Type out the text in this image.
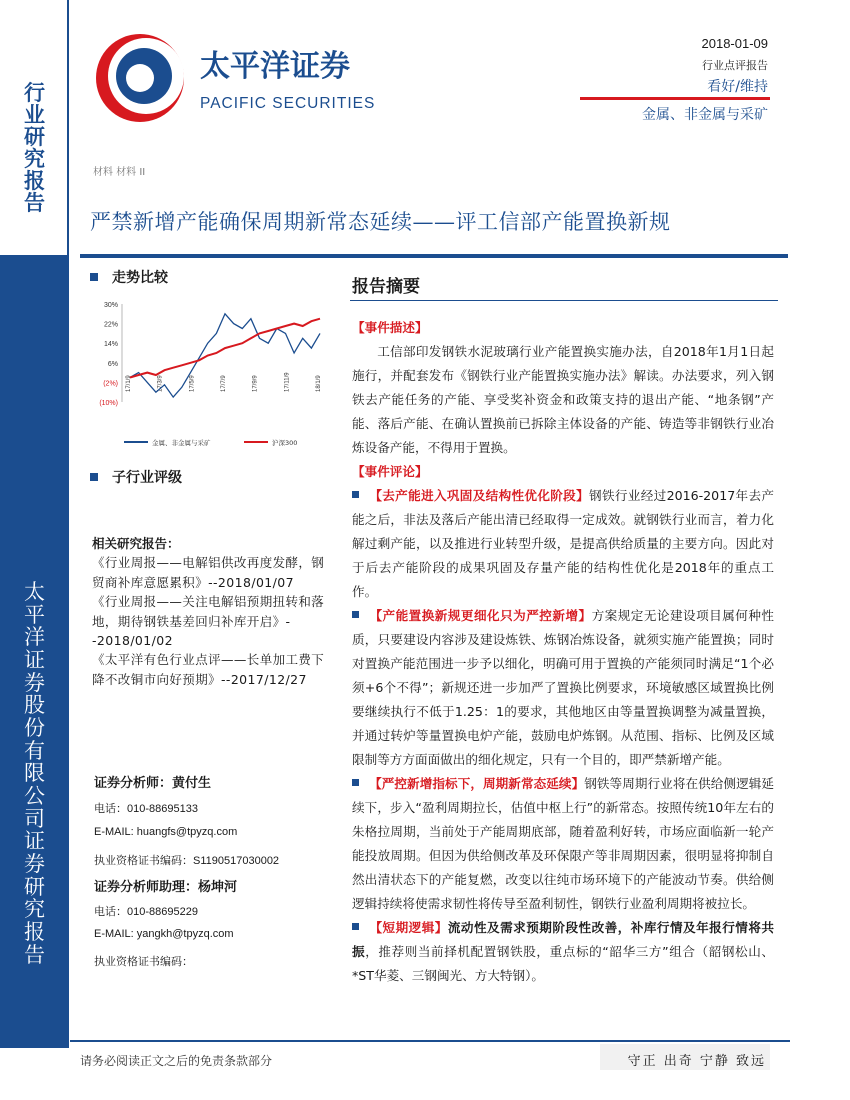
行
业
研
究
报
告
太
平
洋
证
券
股
份
有
限
公
司
证
券
研
究
报
告
太平洋证券
PACIFIC SECURITIES
2018-01-09
行业点评报告
看好/维持
金属、非金属与采矿
材料 材料 II
严禁新增产能确保周期新常态延续——评工信部产能置换新规
走势比较
30%
22%
14%
6%
(2%)
(10%)
17/1/9	17/3/9	17/5/9	17/7/9	17/9/9	17/11/9	18/1/9
金属、非金属与采矿	沪深300
子行业评级
相关研究报告：
《行业周报——电解铝供改再度发酵，钢贸商补库意愿累积》--2018/01/07
《行业周报——关注电解铝预期扭转和落地，期待钢铁基差回归补库开启》--2018/01/02
《太平洋有色行业点评——长单加工费下降不改铜市向好预期》--2017/12/27
证券分析师：黄付生
电话：010-88695133
E-MAIL: huangfs@tpyzq.com
执业资格证书编码：S1190517030002
证券分析师助理：杨坤河
电话：010-88695229
E-MAIL: yangkh@tpyzq.com
执业资格证书编码：
报告摘要

【事件描述】

工信部印发钢铁水泥玻璃行业产能置换实施办法，自2018年1月1日起施行，并配套发布《钢铁行业产能置换实施办法》解读。办法要求，列入钢铁去产能任务的产能、享受奖补资金和政策支持的退出产能、“地条钢”产能、落后产能、在确认置换前已拆除主体设备的产能、铸造等非钢铁行业冶炼设备产能，不得用于置换。

【事件评论】

【去产能进入巩固及结构性优化阶段】钢铁行业经过2016-2017年去产能之后，非法及落后产能出清已经取得一定成效。就钢铁行业而言，着力化解过剩产能，以及推进行业转型升级，是提高供给质量的主要方向。因此对于后去产能阶段的成果巩固及存量产能的结构性优化是2018年的重点工作。

【产能置换新规更细化只为严控新增】方案规定无论建设项目属何种性质，只要建设内容涉及建设炼铁、炼钢冶炼设备，就须实施产能置换；同时对置换产能范围进一步予以细化，明确可用于置换的产能须同时满足“1个必须+6个不得”；新规还进一步加严了置换比例要求，环境敏感区域置换比例要继续执行不低于1.25：1的要求，其他地区由等量置换调整为减量置换，并通过转炉等量置换电炉产能，鼓励电炉炼钢。从范围、指标、比例及区域限制等方方面面做出的细化规定，只有一个目的，即严禁新增产能。

【严控新增指标下，周期新常态延续】钢铁等周期行业将在供给侧逻辑延续下，步入“盈利周期拉长，估值中枢上行”的新常态。按照传统10年左右的朱格拉周期，当前处于产能周期底部，随着盈利好转，市场应面临新一轮产能投放周期。但因为供给侧改革及环保限产等非周期因素，很明显将抑制自然出清状态下的产能复燃，改变以往纯市场环境下的产能波动节奏。供给侧逻辑持续将使需求韧性将传导至盈利韧性，钢铁行业盈利周期将被拉长。

【短期逻辑】流动性及需求预期阶段性改善，补库行情及年报行情将共振，推荐则当前择机配置钢铁股，重点标的“韶华三方”组合（韶钢松山、*ST华菱、三钢闽光、方大特钢）。

请务必阅读正文之后的免责条款部分	守正 出奇 宁静 致远
